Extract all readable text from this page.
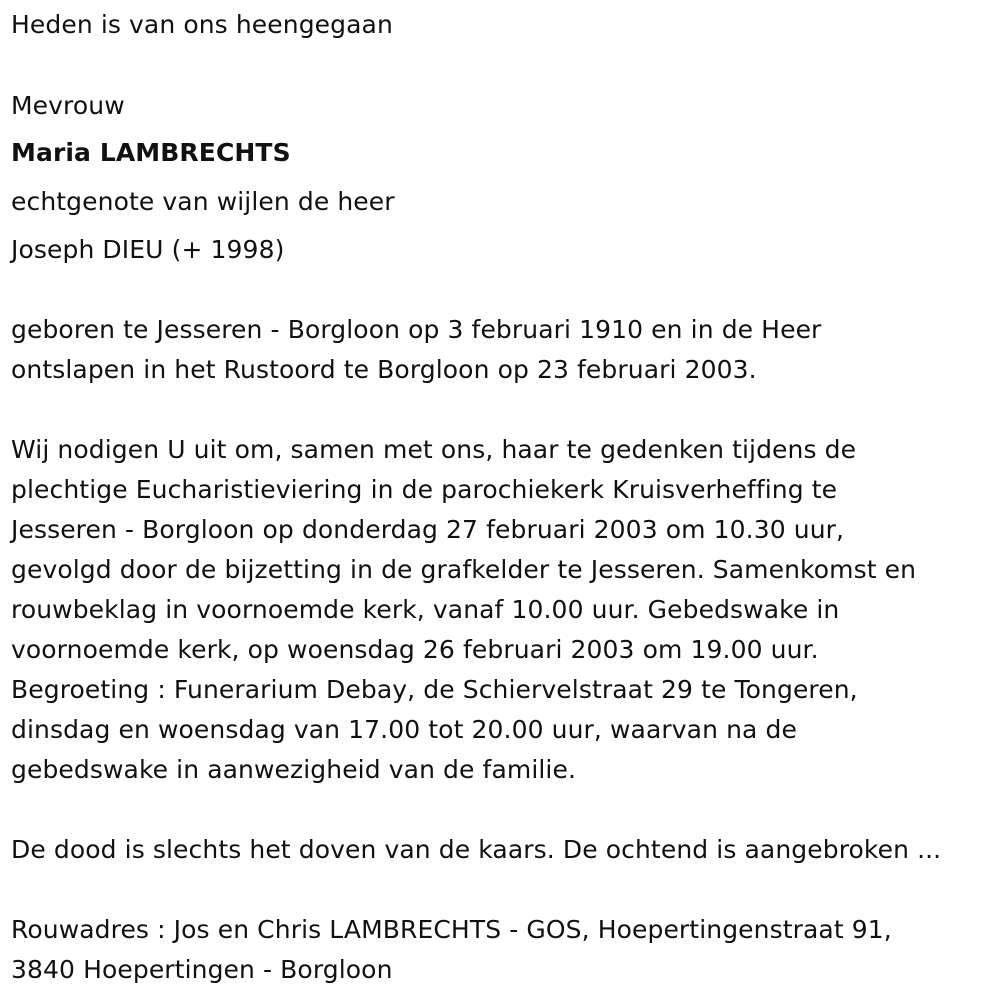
Heden is van ons heengegaan
Mevrouw
Maria LAMBRECHTS
echtgenote van wijlen de heer
Joseph DIEU (+ 1998)
geboren te Jesseren - Borgloon op 3 februari 1910 en in de Heer
ontslapen in het Rustoord te Borgloon op 23 februari 2003.
Wij nodigen U uit om, samen met ons, haar te gedenken tijdens de
plechtige Eucharistieviering in de parochiekerk Kruisverheffing te
Jesseren - Borgloon op donderdag 27 februari 2003 om 10.30 uur,
gevolgd door de bijzetting in de grafkelder te Jesseren. Samenkomst en
rouwbeklag in voornoemde kerk, vanaf 10.00 uur. Gebedswake in
voornoemde kerk, op woensdag 26 februari 2003 om 19.00 uur.
Begroeting : Funerarium Debay, de Schiervelstraat 29 te Tongeren,
dinsdag en woensdag van 17.00 tot 20.00 uur, waarvan na de
gebedswake in aanwezigheid van de familie.
De dood is slechts het doven van de kaars. De ochtend is aangebroken ...
Rouwadres : Jos en Chris LAMBRECHTS - GOS, Hoepertingenstraat 91,
3840 Hoepertingen - Borgloon
